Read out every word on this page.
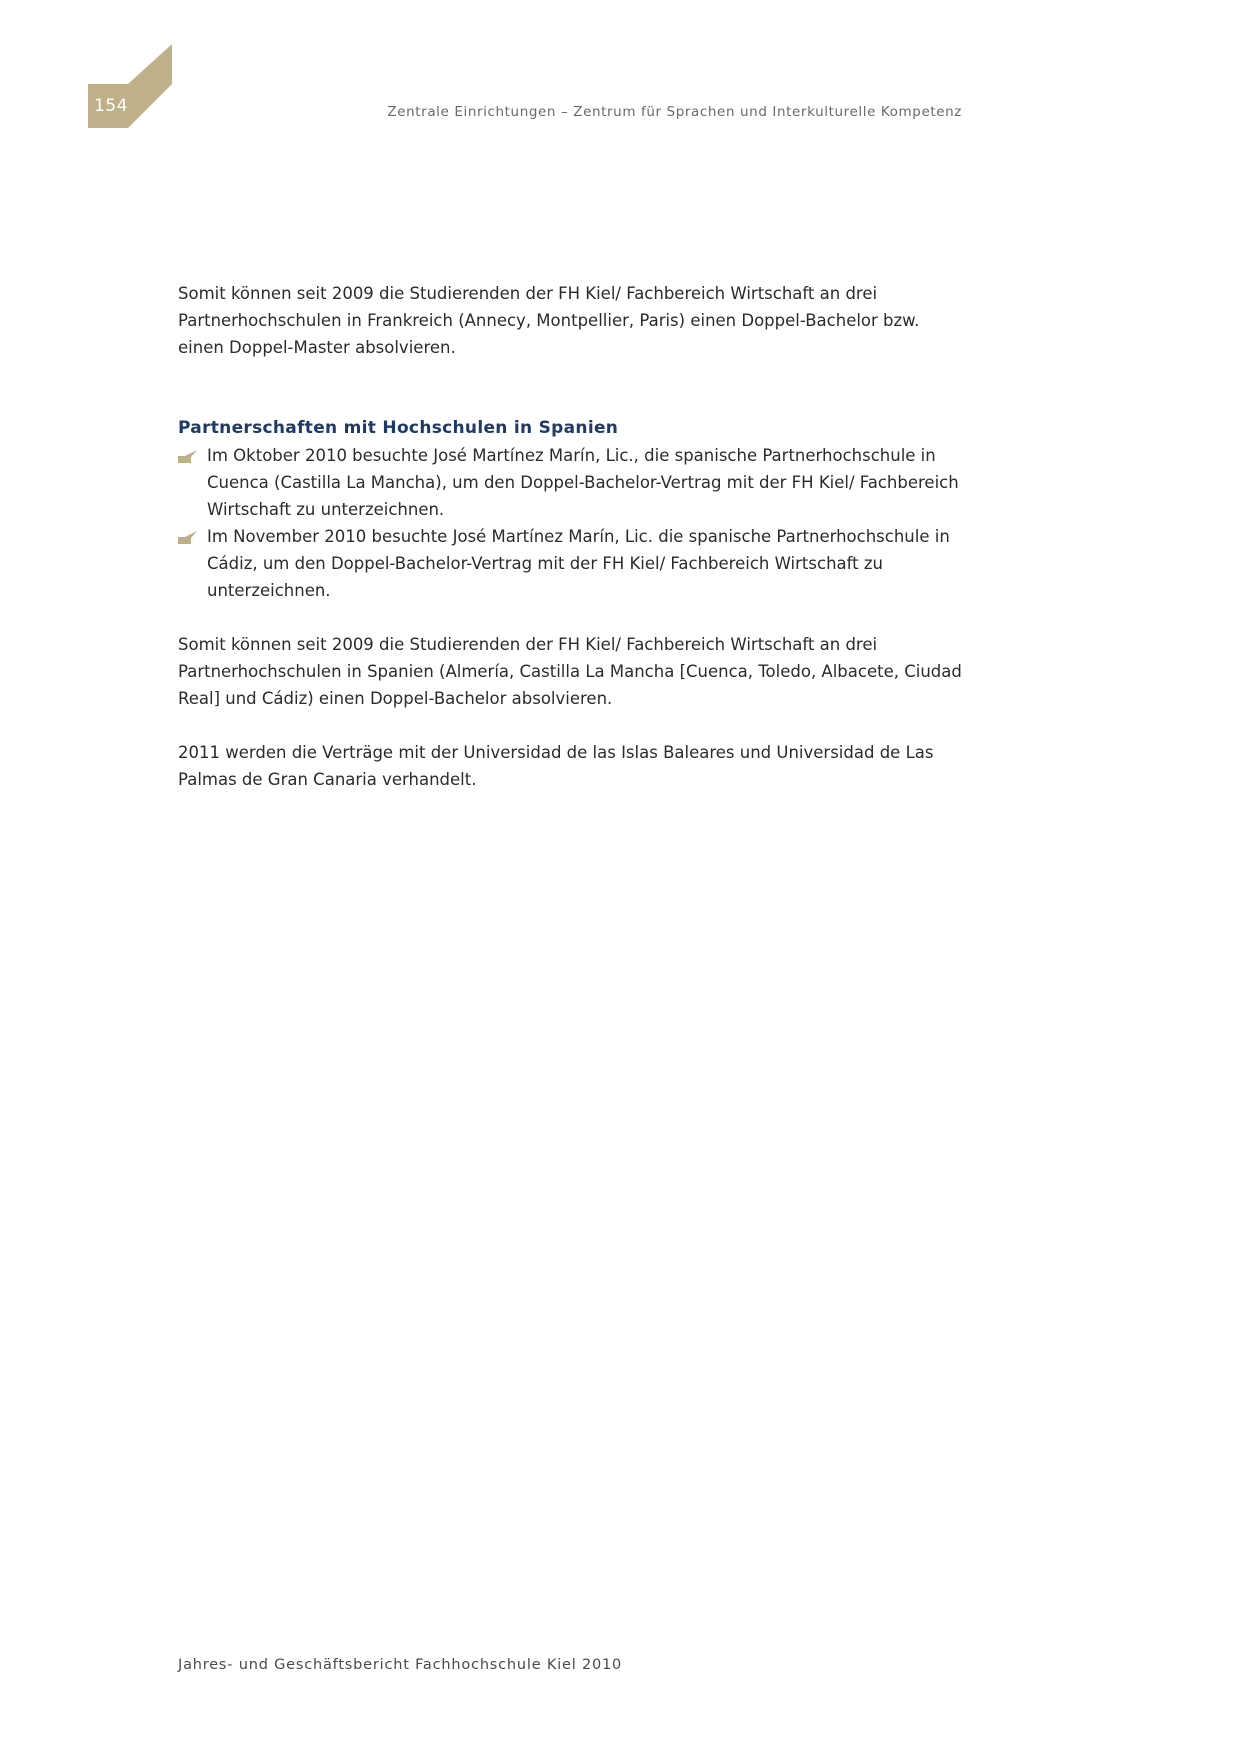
154	Zentrale Einrichtungen – Zentrum für Sprachen und Interkulturelle Kompetenz

Somit können seit 2009 die Studierenden der FH Kiel/ Fachbereich Wirtschaft an drei Partnerhochschulen in Frankreich (Annecy, Montpellier, Paris) einen Doppel-Bachelor bzw. einen Doppel-Master absolvieren.

Partnerschaften mit Hochschulen in Spanien
Im Oktober 2010 besuchte José Martínez Marín, Lic., die spanische Partnerhochschule in Cuenca (Castilla La Mancha), um den Doppel-Bachelor-Vertrag mit der FH Kiel/ Fachbereich Wirtschaft zu unterzeichnen.
Im November 2010 besuchte José Martínez Marín, Lic. die spanische Partnerhochschule in Cádiz, um den Doppel-Bachelor-Vertrag mit der FH Kiel/ Fachbereich Wirtschaft zu unterzeichnen.

Somit können seit 2009 die Studierenden der FH Kiel/ Fachbereich Wirtschaft an drei Partnerhochschulen in Spanien (Almería, Castilla La Mancha [Cuenca, Toledo, Albacete, Ciudad Real] und Cádiz) einen Doppel-Bachelor absolvieren.

2011 werden die Verträge mit der Universidad de las Islas Baleares und Universidad de Las Palmas de Gran Canaria verhandelt.

Jahres- und Geschäftsbericht Fachhochschule Kiel 2010
